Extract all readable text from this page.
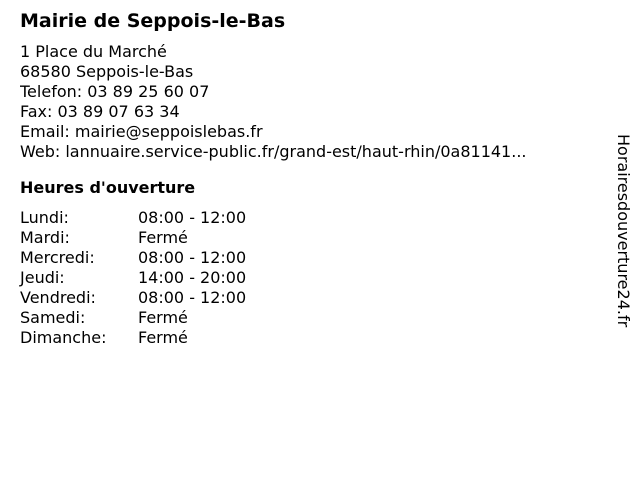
Mairie de Seppois-le-Bas
1 Place du Marché
68580 Seppois-le-Bas
Telefon: 03 89 25 60 07
Fax: 03 89 07 63 34
Email: mairie@seppoislebas.fr
Web: lannuaire.service-public.fr/grand-est/haut-rhin/0a81141...
Heures d'ouverture
Lundi:	08:00 - 12:00
Mardi:	Fermé
Mercredi:	08:00 - 12:00
Jeudi:	14:00 - 20:00
Vendredi:	08:00 - 12:00
Samedi:	Fermé
Dimanche:	Fermé
Horairesdouverture24.fr
